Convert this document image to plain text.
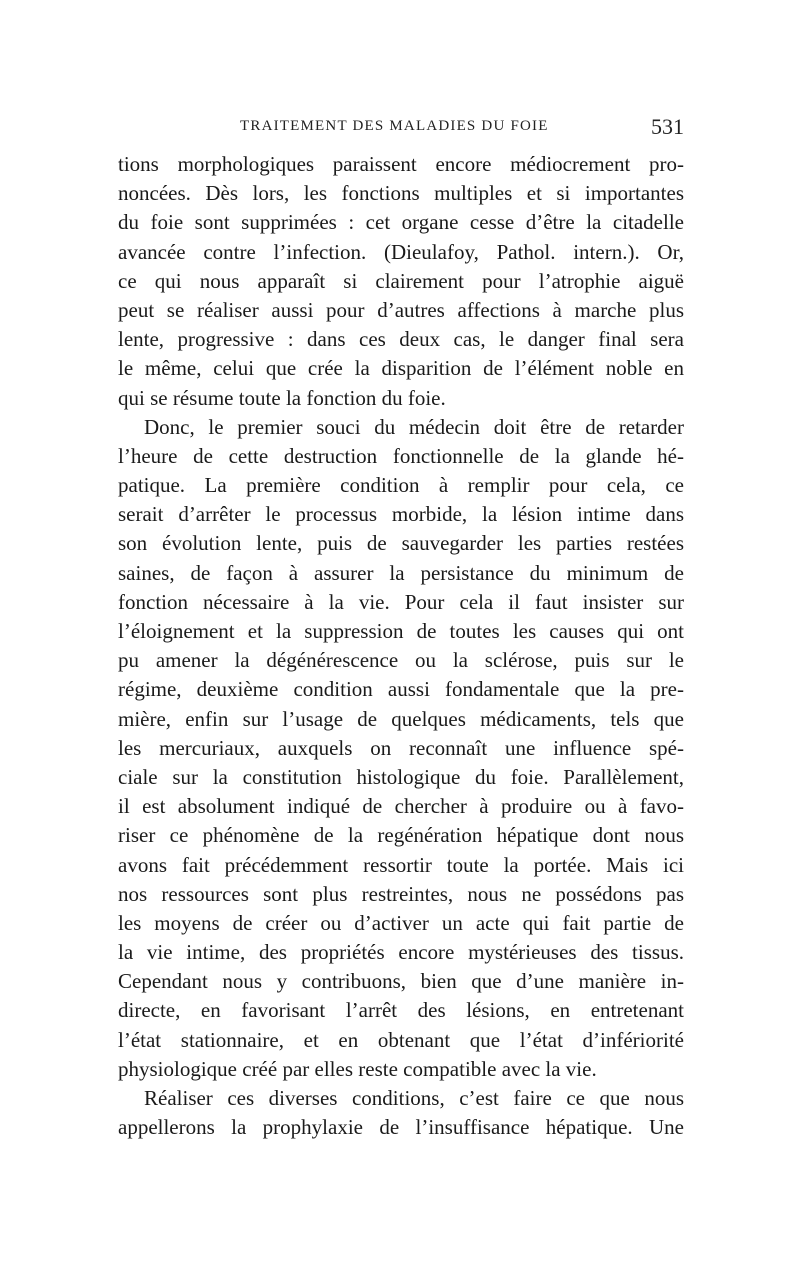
TRAITEMENT DES MALADIES DU FOIE	531
tions morphologiques paraissent encore médiocrement pro-
noncées. Dès lors, les fonctions multiples et si importantes
du foie sont supprimées : cet organe cesse d’être la citadelle
avancée contre l’infection. (Dieulafoy, Pathol. intern.). Or,
ce qui nous apparaît si clairement pour l’atrophie aiguë
peut se réaliser aussi pour d’autres affections à marche plus
lente, progressive : dans ces deux cas, le danger final sera
le même, celui que crée la disparition de l’élément noble en
qui se résume toute la fonction du foie.
Donc, le premier souci du médecin doit être de retarder
l’heure de cette destruction fonctionnelle de la glande hé-
patique. La première condition à remplir pour cela, ce
serait d’arrêter le processus morbide, la lésion intime dans
son évolution lente, puis de sauvegarder les parties restées
saines, de façon à assurer la persistance du minimum de
fonction nécessaire à la vie. Pour cela il faut insister sur
l’éloignement et la suppression de toutes les causes qui ont
pu amener la dégénérescence ou la sclérose, puis sur le
régime, deuxième condition aussi fondamentale que la pre-
mière, enfin sur l’usage de quelques médicaments, tels que
les mercuriaux, auxquels on reconnaît une influence spé-
ciale sur la constitution histologique du foie. Parallèlement,
il est absolument indiqué de chercher à produire ou à favo-
riser ce phénomène de la regénération hépatique dont nous
avons fait précédemment ressortir toute la portée. Mais ici
nos ressources sont plus restreintes, nous ne possédons pas
les moyens de créer ou d’activer un acte qui fait partie de
la vie intime, des propriétés encore mystérieuses des tissus.
Cependant nous y contribuons, bien que d’une manière in-
directe, en favorisant l’arrêt des lésions, en entretenant
l’état stationnaire, et en obtenant que l’état d’infériorité
physiologique créé par elles reste compatible avec la vie.
Réaliser ces diverses conditions, c’est faire ce que nous
appellerons la prophylaxie de l’insuffisance hépatique. Une
